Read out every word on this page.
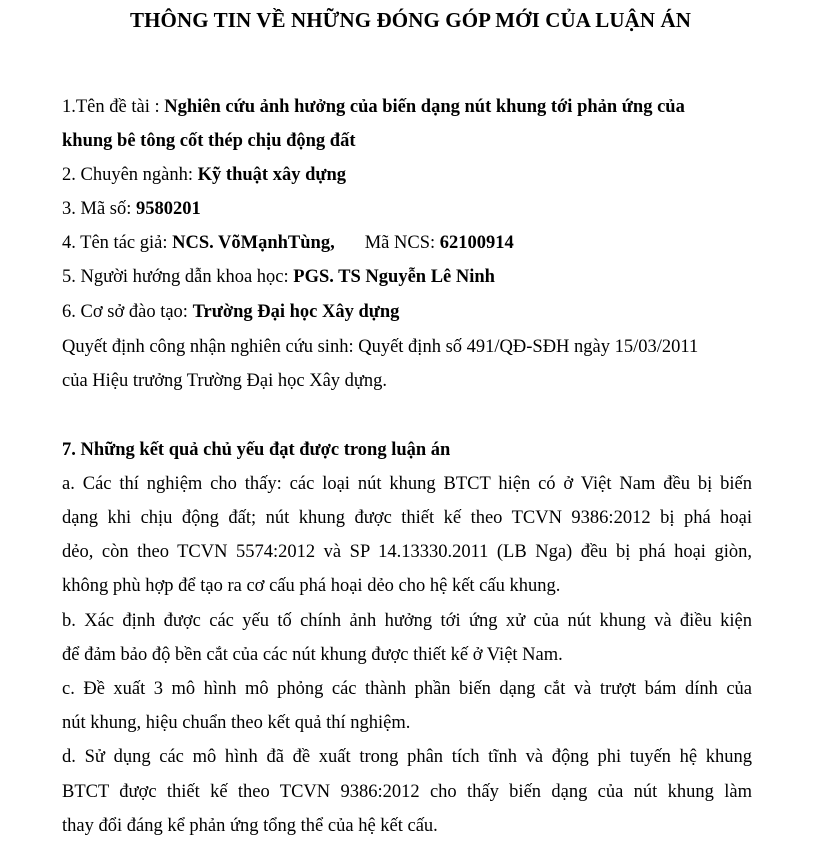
THÔNG TIN VỀ NHỮNG ĐÓNG GÓP MỚI CỦA LUẬN ÁN
1.Tên đề tài : Nghiên cứu ảnh hưởng của biến dạng nút khung tới phản ứng của
khung bê tông cốt thép chịu động đất
2. Chuyên ngành: Kỹ thuật xây dựng
3. Mã số: 9580201
4. Tên tác giả: NCS. VõMạnhTùng, Mã NCS: 62100914
5. Người hướng dẫn khoa học: PGS. TS Nguyễn Lê Ninh
6. Cơ sở đào tạo: Trường Đại học Xây dựng
Quyết định công nhận nghiên cứu sinh: Quyết định số 491/QĐ-SĐH ngày 15/03/2011
của Hiệu trưởng Trường Đại học Xây dựng.
7. Những kết quả chủ yếu đạt được trong luận án
a. Các thí nghiệm cho thấy: các loại nút khung BTCT hiện có ở Việt Nam đều bị biến
dạng khi chịu động đất; nút khung được thiết kế theo TCVN 9386:2012 bị phá hoại
dẻo, còn theo TCVN 5574:2012 và SP 14.13330.2011 (LB Nga) đều bị phá hoại giòn,
không phù hợp để tạo ra cơ cấu phá hoại dẻo cho hệ kết cấu khung.
b. Xác định được các yếu tố chính ảnh hưởng tới ứng xử của nút khung và điều kiện
để đảm bảo độ bền cắt của các nút khung được thiết kế ở Việt Nam.
c. Đề xuất 3 mô hình mô phỏng các thành phần biến dạng cắt và trượt bám dính của
nút khung, hiệu chuẩn theo kết quả thí nghiệm.
d. Sử dụng các mô hình đã đề xuất trong phân tích tĩnh và động phi tuyến hệ khung
BTCT được thiết kế theo TCVN 9386:2012 cho thấy biến dạng của nút khung làm
thay đổi đáng kể phản ứng tổng thể của hệ kết cấu.
